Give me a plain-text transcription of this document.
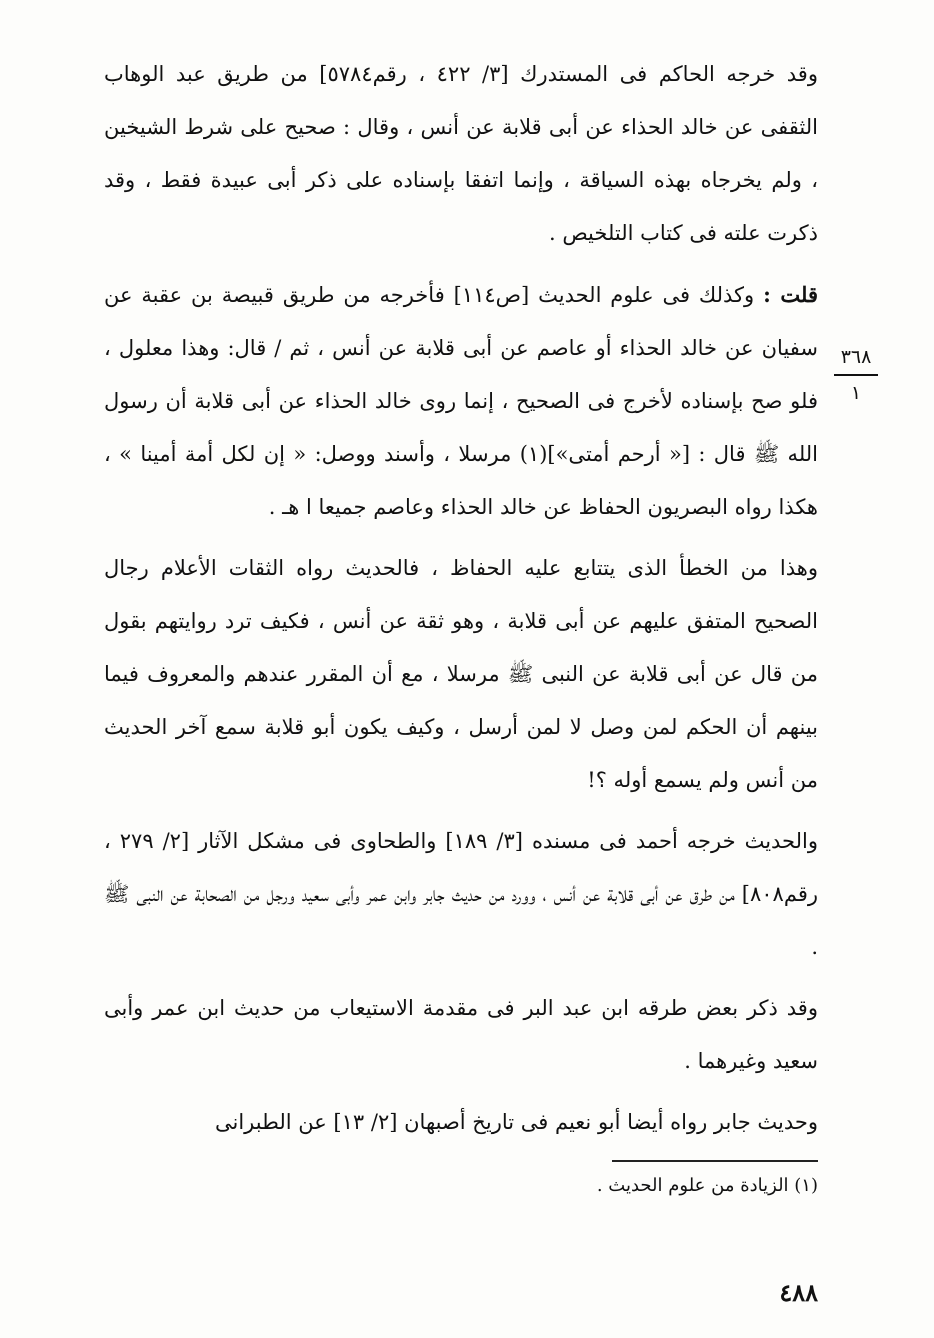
وقد خرجه الحاكم فى المستدرك [٣/ ٤٢٢ ، رقم٥٧٨٤] من طريق عبد الوهاب الثقفى عن خالد الحذاء عن أبى قلابة عن أنس ، وقال : صحيح على شرط الشيخين ، ولم يخرجاه بهذه السياقة ، وإنما اتفقا بإسناده على ذكر أبى عبيدة فقط ، وقد ذكرت علته فى كتاب التلخيص .

قلت : وكذلك فى علوم الحديث [ص١١٤] فأخرجه من طريق قبيصة بن عقبة عن سفيان عن خالد الحذاء أو عاصم عن أبى قلابة عن أنس ، ثم / قال: وهذا معلول ، فلو صح بإسناده لأخرج فى الصحيح ، إنما روى خالد الحذاء عن أبى قلابة أن رسول الله ﷺ قال : [« أرحم أمتى»](١) مرسلا ، وأسند ووصل: « إن لكل أمة أمينا » ، هكذا رواه البصريون الحفاظ عن خالد الحذاء وعاصم جميعا ا هـ .

وهذا من الخطأ الذى يتتابع عليه الحفاظ ، فالحديث رواه الثقات الأعلام رجال الصحيح المتفق عليهم عن أبى قلابة ، وهو ثقة عن أنس ، فكيف ترد روايتهم بقول من قال عن أبى قلابة عن النبى ﷺ مرسلا ، مع أن المقرر عندهم والمعروف فيما بينهم أن الحكم لمن وصل لا لمن أرسل ، وكيف يكون أبو قلابة سمع آخر الحديث من أنس ولم يسمع أوله ؟!

والحديث خرجه أحمد فى مسنده [٣/ ١٨٩] والطحاوى فى مشكل الآثار [٢/ ٢٧٩ ، رقم٨٠٨] من طرق عن أبى قلابة عن أنس ، وورد من حديث جابر وابن عمر وأبى سعيد ورجل من الصحابة عن النبى ﷺ .

وقد ذكر بعض طرقه ابن عبد البر فى مقدمة الاستيعاب من حديث ابن عمر وأبى سعيد وغيرهما .

وحديث جابر رواه أيضا أبو نعيم فى تاريخ أصبهان [٢/ ١٣] عن الطبرانى

٣٦٨
١
(١) الزيادة من علوم الحديث .
٤٨٨
